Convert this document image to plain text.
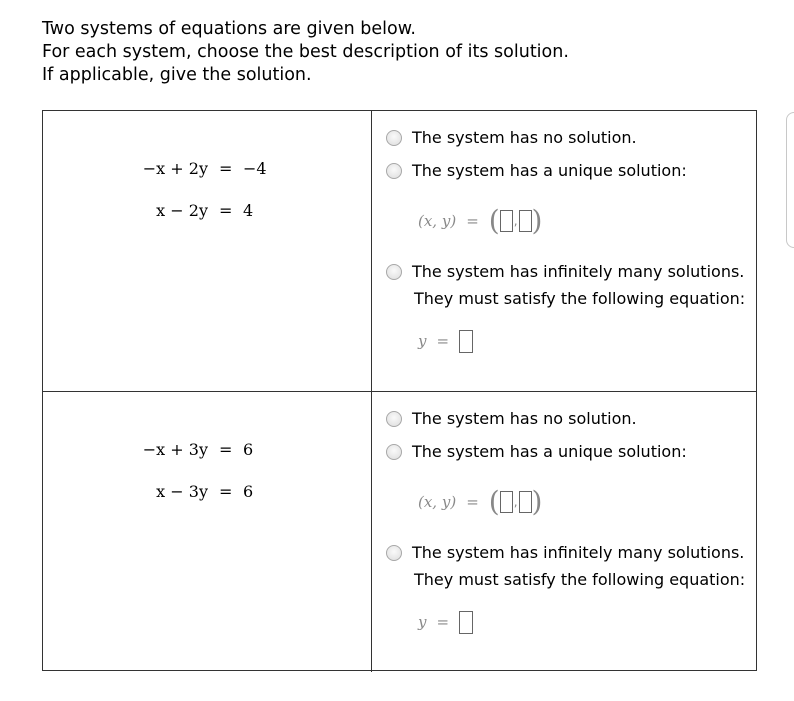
Two systems of equations are given below.
For each system, choose the best description of its solution.
If applicable, give the solution.
−x + 2y = −4
x − 2y = 4
The system has no solution.
The system has a unique solution:
(x, y) = ( , )
The system has infinitely many solutions.
They must satisfy the following equation:
y =
−x + 3y = 6
x − 3y = 6
The system has no solution.
The system has a unique solution:
(x, y) = ( , )
The system has infinitely many solutions.
They must satisfy the following equation:
y =
